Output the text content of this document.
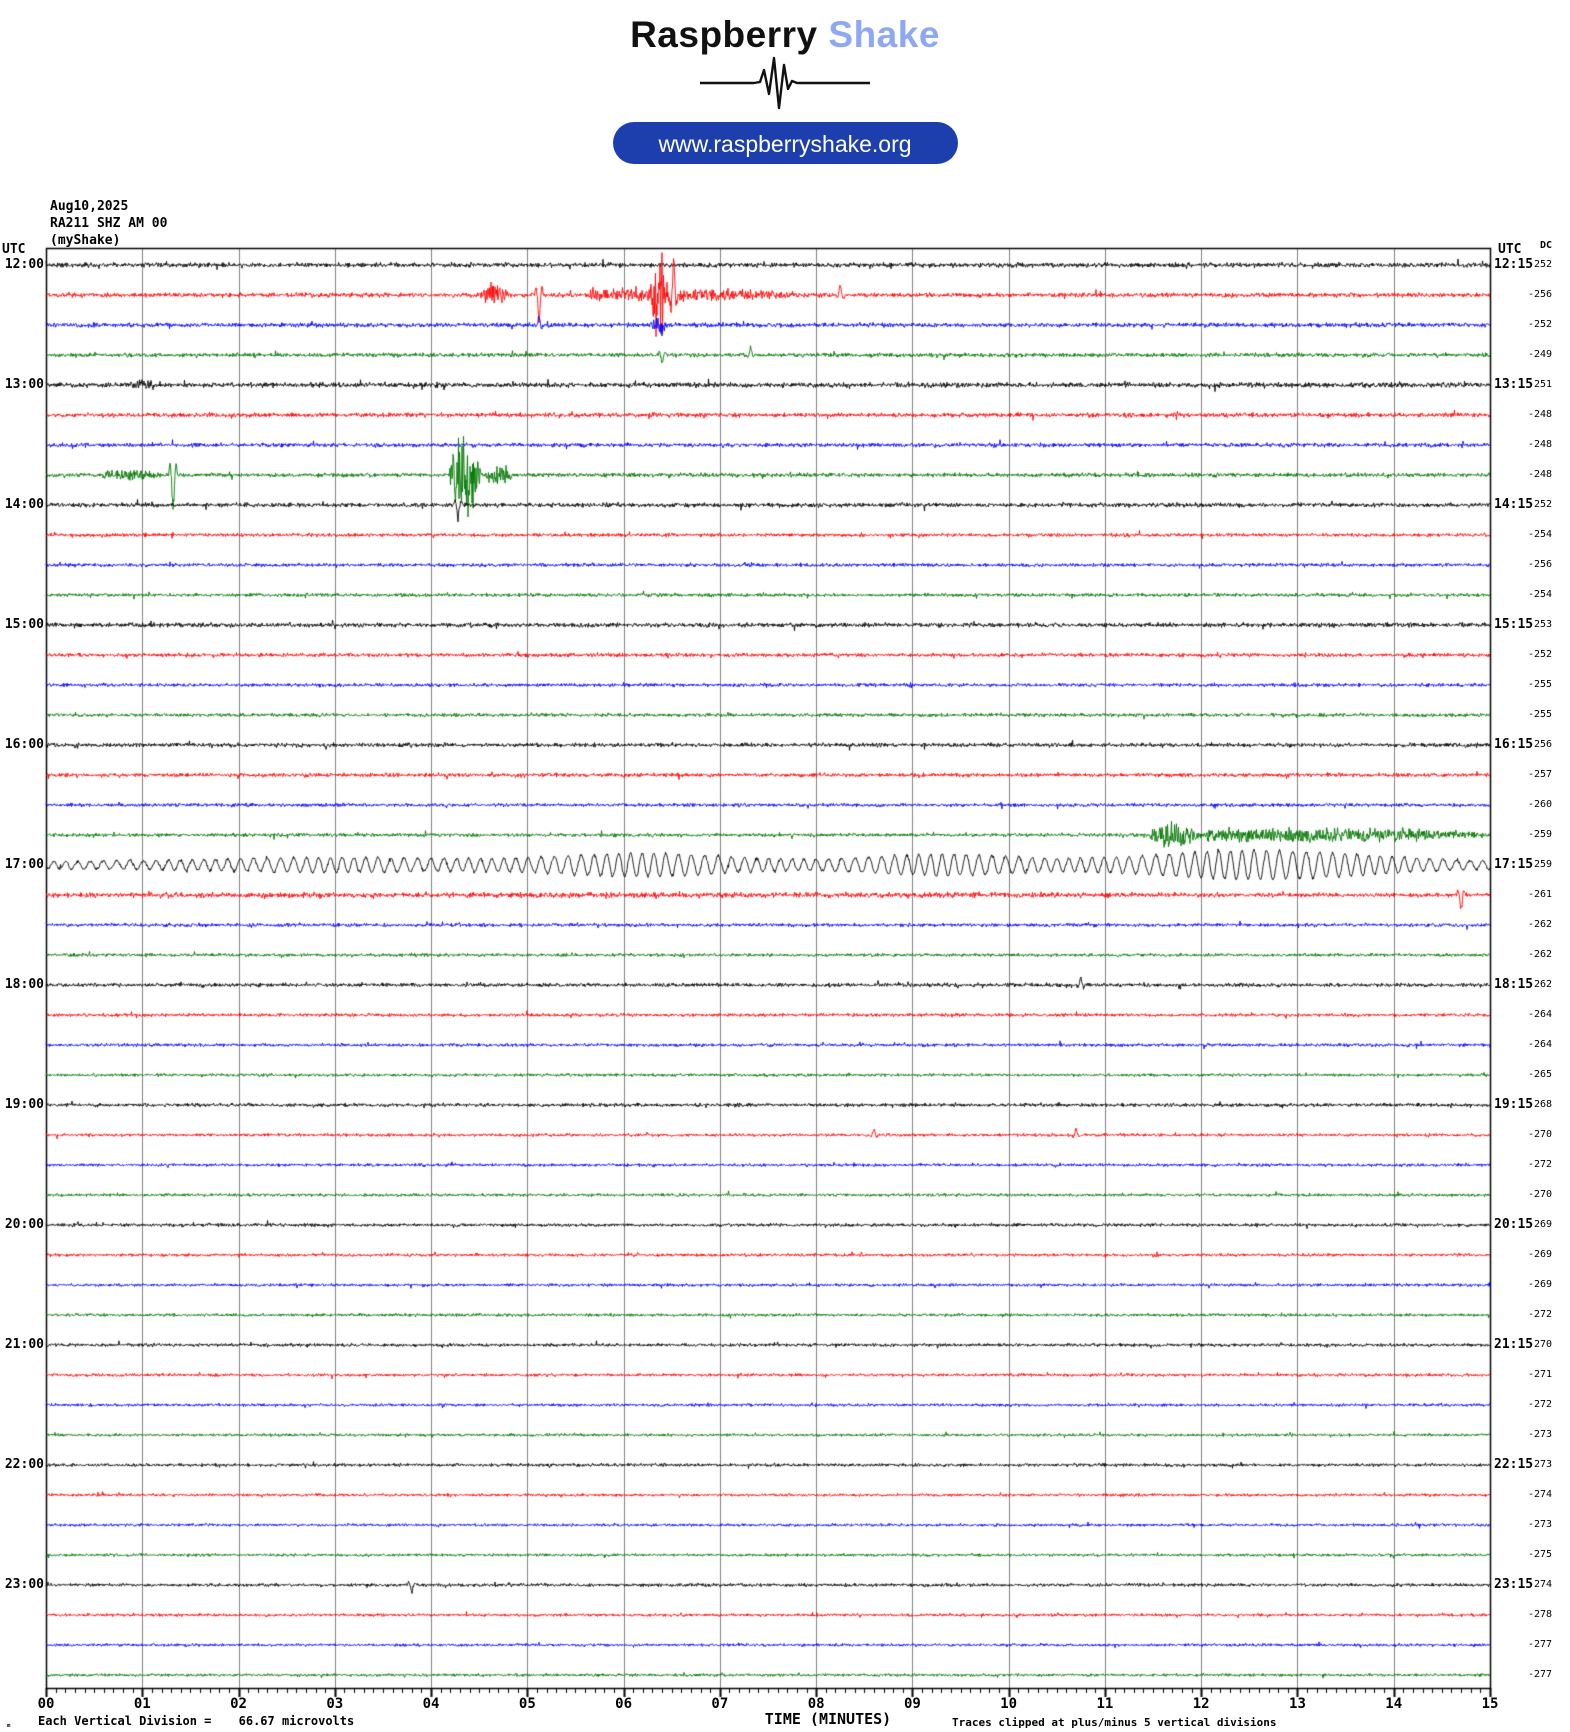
Raspberry Shake
www.raspberryshake.org
Aug10,2025
RA211 SHZ AM 00
(myShake)
UTC	UTC DC
12:00
13:00
14:00
15:00
16:00
17:00
18:00
19:00
20:00
21:00
22:00
23:00
12:15
13:15
14:15
15:15
16:15
17:15
18:15
19:15
20:15
21:15
22:15
23:15
-252
-256
-252
-249
-251
-248
-248
-248
-252
-254
-256
-254
-253
-252
-255
-255
-256
-257
-260
-259
-259
-261
-262
-262
-262
-264
-264
-265
-268
-270
-272
-270
-269
-269
-269
-272
-270
-271
-272
-273
-273
-274
-273
-275
-274
-278
-277
-277
00	01	02	03	04	05	06	07	08	09	10	11	12	13	14	15
TIME (MINUTES)	Traces clipped at plus/minus 5 vertical divisions
ₘ Each Vertical Division = 66.67 microvolts
